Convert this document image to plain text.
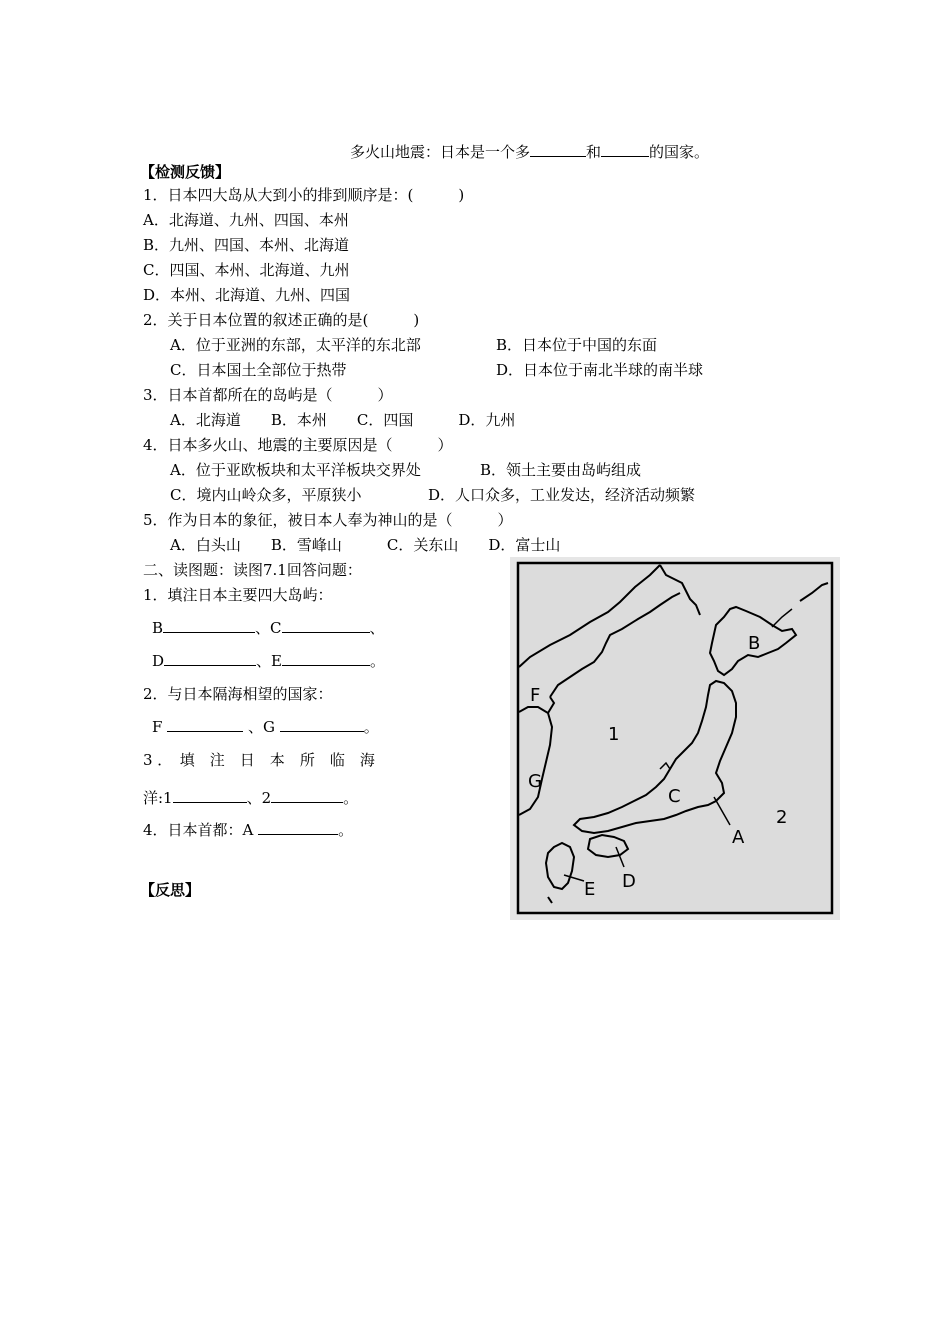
多火山地震：日本是一个多	和	的国家。
【检测反馈】
1．日本四大岛从大到小的排到顺序是：(　　　)
A．北海道、九州、四国、本州
B．九州、四国、本州、北海道
C．四国、本州、北海道、九州
D．本州、北海道、九州、四国
2．关于日本位置的叙述正确的是(　　　)
A．位于亚洲的东部，太平洋的东北部	B．日本位于中国的东面
C．日本国土全部位于热带	D．日本位于南北半球的南半球
3．日本首都所在的岛屿是（　　　）
A．北海道　　B．本州　　C．四国　　　D．九州
4．日本多火山、地震的主要原因是（　　　）
A．位于亚欧板块和太平洋板块交界处	B．领土主要由岛屿组成
C．境内山岭众多，平原狭小	D．人口众多，工业发达，经济活动频繁
5．作为日本的象征，被日本人奉为神山的是（　　　）
A．白头山　　B．雪峰山　　　C．关东山　　D．富士山
二、读图题：读图7.1回答问题：
1．填注日本主要四大岛屿：
B	、C	、
D	、E	。
2．与日本隔海相望的国家：
F	、G	。
3 ．　填　注　日　本　所　临　海
洋:1	、2	。
4．日本首都：A	。
【反思】
B
F
1
G
C
2
A
D
E
